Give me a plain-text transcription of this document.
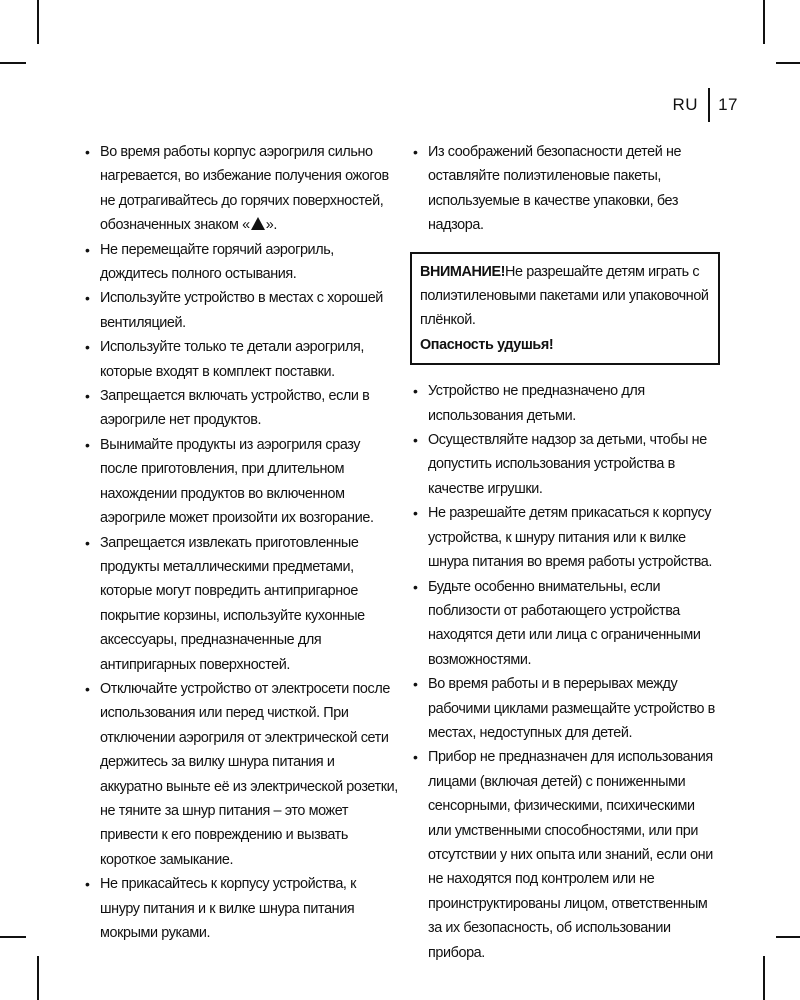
RU	17
• Во время работы корпус аэрогриля сильно нагревается, во избежание получения ожогов не дотрагивайтесь до горячих поверхностей, обозначенных знаком « ».
• Не перемещайте горячий аэрогриль, дождитесь полного остывания.
• Используйте устройство в местах с хорошей вентиляцией.
• Используйте только те детали аэрогриля, которые входят в комплект поставки.
• Запрещается включать устройство, если в аэрогриле нет продуктов.
• Вынимайте продукты из аэрогриля сразу после приготовления, при длительном нахождении продуктов во включенном аэрогриле может произойти их возгорание.
• Запрещается извлекать приготовленные продукты металлическими предметами, которые могут повредить антипригарное покрытие корзины, используйте кухонные аксессуары, предназначенные для антипригарных поверхностей.
• Отключайте устройство от электросети после использования или перед чисткой. При отключении аэрогриля от электрической сети держитесь за вилку шнура питания и аккуратно выньте её из электрической розетки, не тяните за шнур питания – это может привести к его повреждению и вызвать короткое замыкание.
• Не прикасайтесь к корпусу устройства, к шнуру питания и к вилке шнура питания мокрыми руками.
• Из соображений безопасности детей не оставляйте полиэтиленовые пакеты, используемые в качестве упаковки, без надзора.
ВНИМАНИЕ!Не разрешайте детям играть с полиэтиленовыми пакетами или упаковочной плёнкой.
Опасность удушья!
• Устройство не предназначено для использования детьми.
• Осуществляйте надзор за детьми, чтобы не допустить использования устройства в качестве игрушки.
• Не разрешайте детям прикасаться к корпусу устройства, к шнуру питания или к вилке шнура питания во время работы устройства.
• Будьте особенно внимательны, если поблизости от работающего устройства находятся дети или лица с ограниченными возможностями.
• Во время работы и в перерывах между рабочими циклами размещайте устройство в местах, недоступных для детей.
• Прибор не предназначен для использования лицами (включая детей) с пониженными сенсорными, физическими, психическими или умственными способностями, или при отсутствии у них опыта или знаний, если они не находятся под контролем или не проинструктированы лицом, ответственным за их безопасность, об использовании прибора.
